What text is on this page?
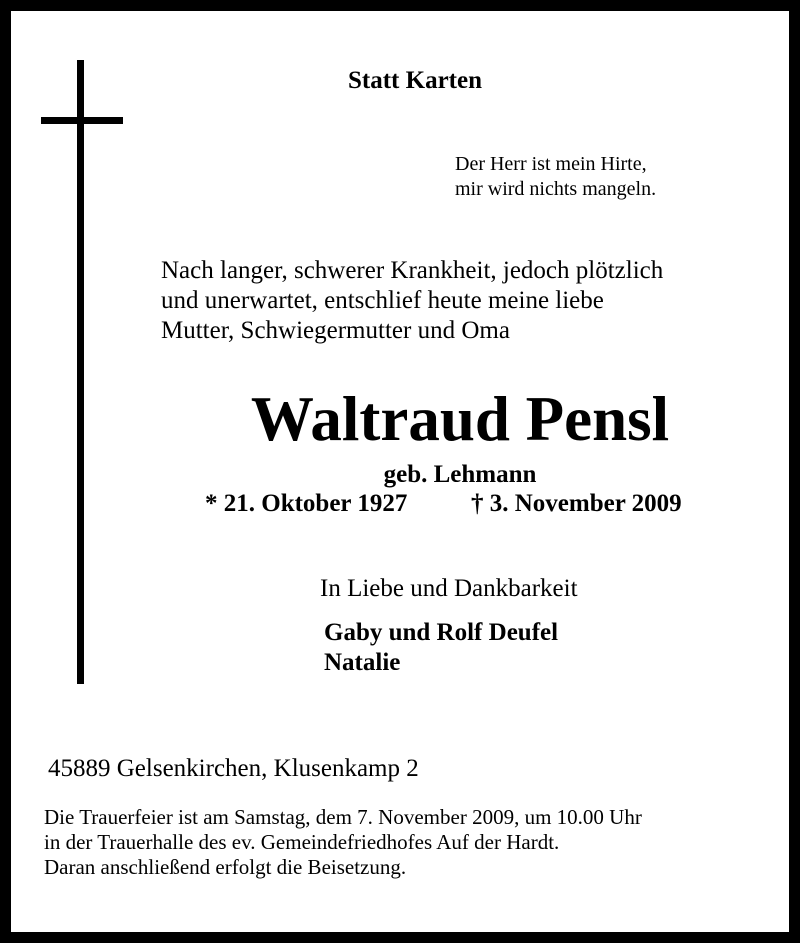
Statt Karten
Der Herr ist mein Hirte,
mir wird nichts mangeln.
Nach langer, schwerer Krankheit, jedoch plötzlich
und unerwartet, entschlief heute meine liebe
Mutter, Schwiegermutter und Oma
Waltraud Pensl
geb. Lehmann
* 21. Oktober 1927	† 3. November 2009
In Liebe und Dankbarkeit
Gaby und Rolf Deufel
Natalie
45889 Gelsenkirchen, Klusenkamp 2
Die Trauerfeier ist am Samstag, dem 7. November 2009, um 10.00 Uhr
in der Trauerhalle des ev. Gemeindefriedhofes Auf der Hardt.
Daran anschließend erfolgt die Beisetzung.
